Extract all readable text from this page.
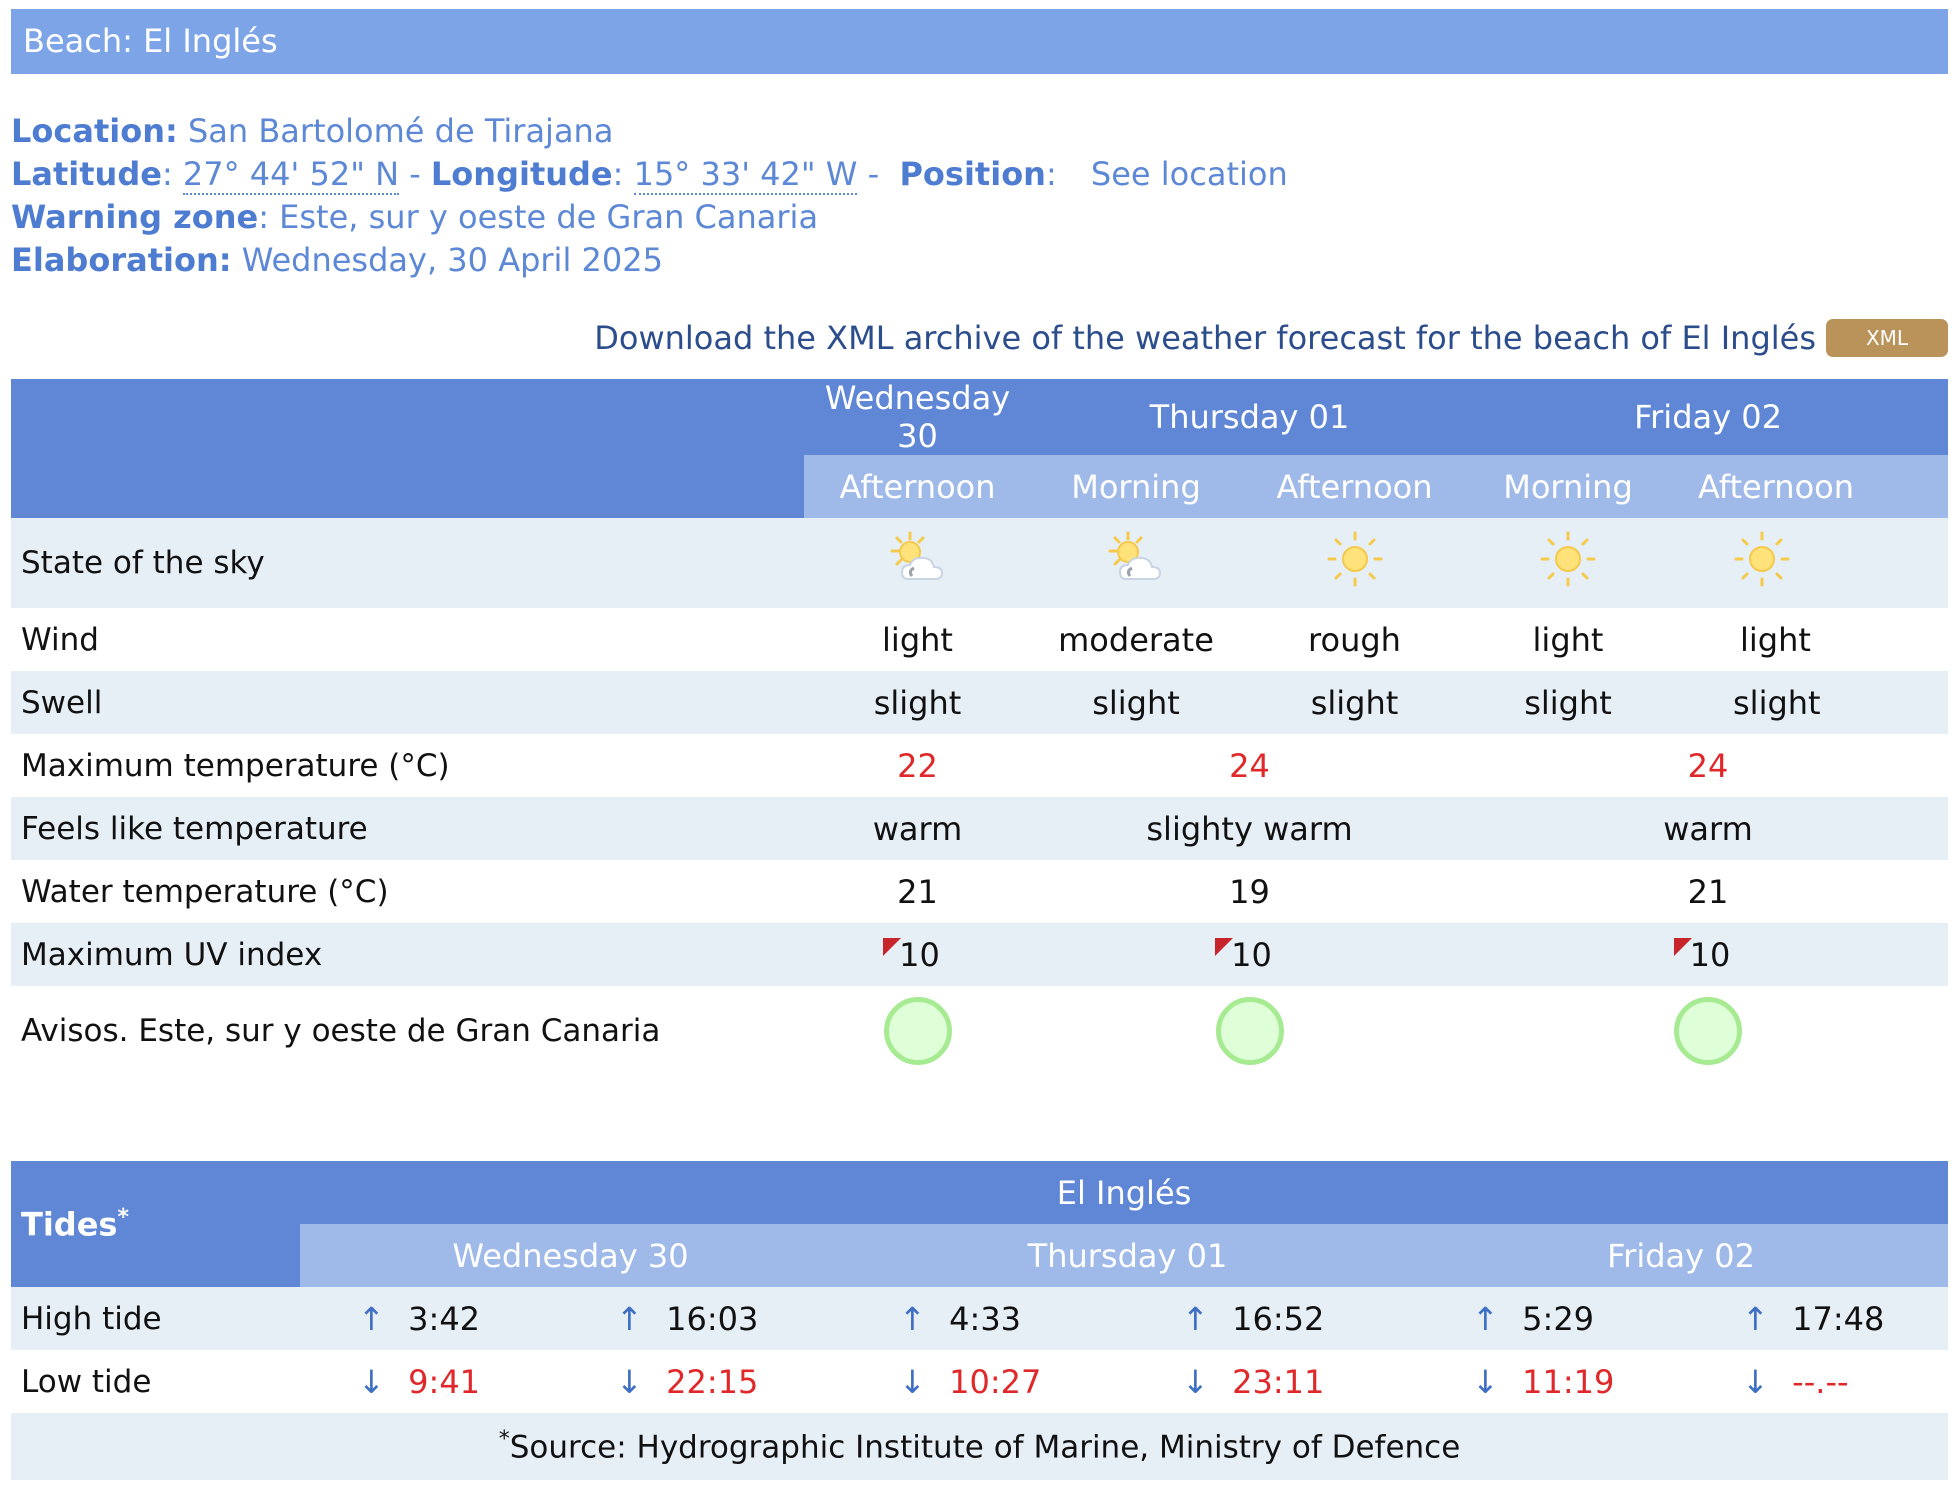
Beach: El Inglés
Location: San Bartolomé de Tirajana
Latitude: 27° 44' 52" N - Longitude: 15° 33' 42" W -  Position: See location
Warning zone: Este, sur y oeste de Gran Canaria
Elaboration: Wednesday, 30 April 2025
Download the XML archive of the weather forecast for the beach of El Inglés	XML
	Wednesday 30	Thursday 01		Friday 02	
	Afternoon	Morning	Afternoon	Morning	Afternoon
State of the sky					
Wind	light	moderate	rough	light	light
Swell	slight	slight	slight	slight	slight
Maximum temperature (°C)	22	24		24	
Feels like temperature	warm	slighty warm		warm	
Water temperature (°C)	21	19		21	
Maximum UV index	10	10		10	
Avisos. Este, sur y oeste de Gran Canaria					
Tides*	El Inglés					
	Wednesday 30		Thursday 01		Friday 02	
High tide	↑ 3:42	↑ 16:03	↑ 4:33	↑ 16:52	↑ 5:29	↑ 17:48
Low tide	↓ 9:41	↓ 22:15	↓ 10:27	↓ 23:11	↓ 11:19	↓ --.--
*Source: Hydrographic Institute of Marine, Ministry of Defence						
